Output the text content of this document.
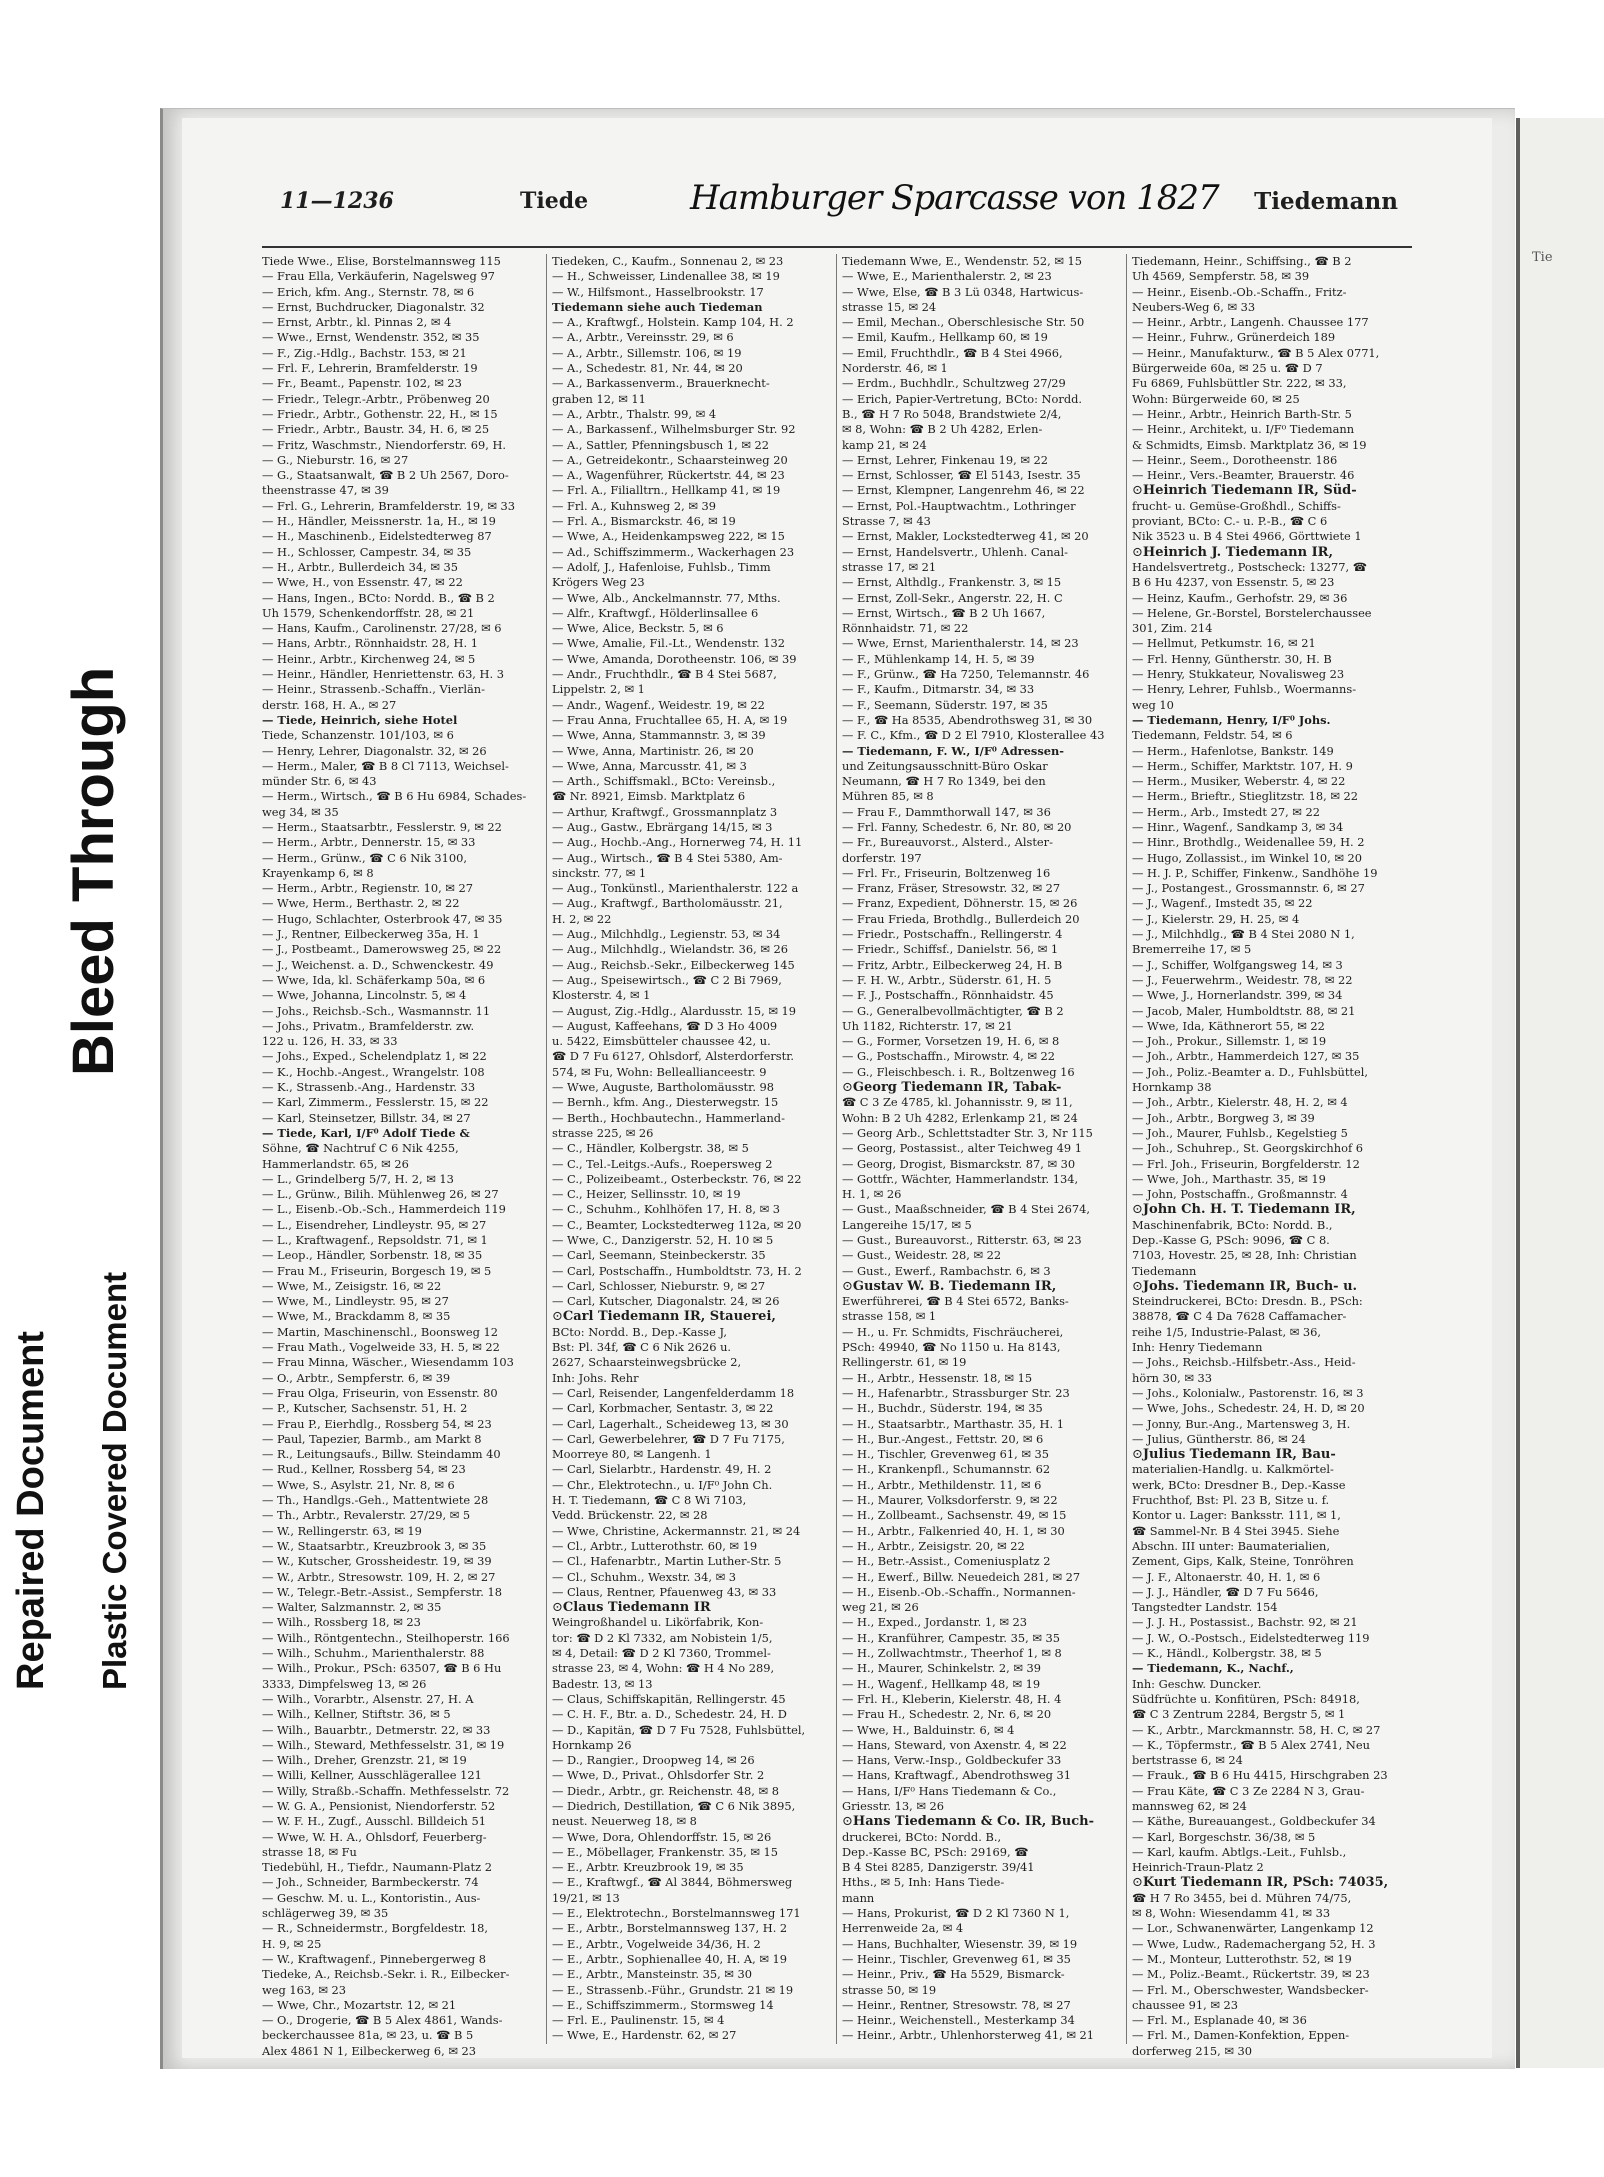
Repaired Document Plastic Covered Document
Bleed Through
Tie
11—1236	Tiede	Hamburger Sparcasse von 1827 Tiedemann
Tiede Wwe., Elise, Borstelmannsweg 115
— Frau Ella, Verkäuferin, Nagelsweg 97
— Erich, kfm. Ang., Sternstr. 78, ✉ 6
— Ernst, Buchdrucker, Diagonalstr. 32
— Ernst, Arbtr., kl. Pinnas 2, ✉ 4
— Wwe., Ernst, Wendenstr. 352, ✉ 35
— F., Zig.-Hdlg., Bachstr. 153, ✉ 21
— Frl. F., Lehrerin, Bramfelderstr. 19
— Fr., Beamt., Papenstr. 102, ✉ 23
— Friedr., Telegr.-Arbtr., Pröbenweg 20
— Friedr., Arbtr., Gothenstr. 22, H., ✉ 15
— Friedr., Arbtr., Baustr. 34, H. 6, ✉ 25
— Fritz, Waschmstr., Niendorferstr. 69, H.
— G., Nieburstr. 16, ✉ 27
— G., Staatsanwalt, ☎ B 2 Uh 2567, Doro-
theenstrasse 47, ✉ 39
— Frl. G., Lehrerin, Bramfelderstr. 19, ✉ 33
— H., Händler, Meissnerstr. 1a, H., ✉ 19
— H., Maschinenb., Eidelstedterweg 87
— H., Schlosser, Campestr. 34, ✉ 35
— H., Arbtr., Bullerdeich 34, ✉ 35
— Wwe, H., von Essenstr. 47, ✉ 22
— Hans, Ingen., BCto: Nordd. B., ☎ B 2
Uh 1579, Schenkendorffstr. 28, ✉ 21
— Hans, Kaufm., Carolinenstr. 27/28, ✉ 6
— Hans, Arbtr., Rönnhaidstr. 28, H. 1
— Heinr., Arbtr., Kirchenweg 24, ✉ 5
— Heinr., Händler, Henriettenstr. 63, H. 3
— Heinr., Strassenb.-Schaffn., Vierlän-
derstr. 168, H. A., ✉ 27
— Tiede, Heinrich, siehe Hotel
Tiede, Schanzenstr. 101/103, ✉ 6
— Henry, Lehrer, Diagonalstr. 32, ✉ 26
— Herm., Maler, ☎ B 8 Cl 7113, Weichsel-
münder Str. 6, ✉ 43
— Herm., Wirtsch., ☎ B 6 Hu 6984, Schades-
weg 34, ✉ 35
— Herm., Staatsarbtr., Fesslerstr. 9, ✉ 22
— Herm., Arbtr., Dennerstr. 15, ✉ 33
— Herm., Grünw., ☎ C 6 Nik 3100,
Krayenkamp 6, ✉ 8
— Herm., Arbtr., Regienstr. 10, ✉ 27
— Wwe, Herm., Berthastr. 2, ✉ 22
— Hugo, Schlachter, Osterbrook 47, ✉ 35
— J., Rentner, Eilbeckerweg 35a, H. 1
— J., Postbeamt., Damerowsweg 25, ✉ 22
— J., Weichenst. a. D., Schwenckestr. 49
— Wwe, Ida, kl. Schäferkamp 50a, ✉ 6
— Wwe, Johanna, Lincolnstr. 5, ✉ 4
— Johs., Reichsb.-Sch., Wasmannstr. 11
— Johs., Privatm., Bramfelderstr. zw.
122 u. 126, H. 33, ✉ 33
— Johs., Exped., Schelendplatz 1, ✉ 22
— K., Hochb.-Angest., Wrangelstr. 108
— K., Strassenb.-Ang., Hardenstr. 33
— Karl, Zimmerm., Fesslerstr. 15, ✉ 22
— Karl, Steinsetzer, Billstr. 34, ✉ 27
— Tiede, Karl, I/F⁰ Adolf Tiede &
Söhne, ☎ Nachtruf C 6 Nik 4255,
Hammerlandstr. 65, ✉ 26
— L., Grindelberg 5/7, H. 2, ✉ 13
— L., Grünw., Bilih. Mühlenweg 26, ✉ 27
— L., Eisenb.-Ob.-Sch., Hammerdeich 119
— L., Eisendreher, Lindleystr. 95, ✉ 27
— L., Kraftwagenf., Repsoldstr. 71, ✉ 1
— Leop., Händler, Sorbenstr. 18, ✉ 35
— Frau M., Friseurin, Borgesch 19, ✉ 5
— Wwe, M., Zeisigstr. 16, ✉ 22
— Wwe, M., Lindleystr. 95, ✉ 27
— Wwe, M., Brackdamm 8, ✉ 35
— Martin, Maschinenschl., Boonsweg 12
— Frau Math., Vogelweide 33, H. 5, ✉ 22
— Frau Minna, Wäscher., Wiesendamm 103
— O., Arbtr., Sempferstr. 6, ✉ 39
— Frau Olga, Friseurin, von Essenstr. 80
— P., Kutscher, Sachsenstr. 51, H. 2
— Frau P., Eierhdlg., Rossberg 54, ✉ 23
— Paul, Tapezier, Barmb., am Markt 8
— R., Leitungsaufs., Billw. Steindamm 40
— Rud., Kellner, Rossberg 54, ✉ 23
— Wwe, S., Asylstr. 21, Nr. 8, ✉ 6
— Th., Handlgs.-Geh., Mattentwiete 28
— Th., Arbtr., Revalerstr. 27/29, ✉ 5
— W., Rellingerstr. 63, ✉ 19
— W., Staatsarbtr., Kreuzbrook 3, ✉ 35
— W., Kutscher, Grossheidestr. 19, ✉ 39
— W., Arbtr., Stresowstr. 109, H. 2, ✉ 27
— W., Telegr.-Betr.-Assist., Sempferstr. 18
— Walter, Salzmannstr. 2, ✉ 35
— Wilh., Rossberg 18, ✉ 23
— Wilh., Röntgentechn., Steilhoperstr. 166
— Wilh., Schuhm., Marienthalerstr. 88
— Wilh., Prokur., PSch: 63507, ☎ B 6 Hu
3333, Dimpfelsweg 13, ✉ 26
— Wilh., Vorarbtr., Alsenstr. 27, H. A
— Wilh., Kellner, Stiftstr. 36, ✉ 5
— Wilh., Bauarbtr., Detmerstr. 22, ✉ 33
— Wilh., Steward, Methfesselstr. 31, ✉ 19
— Wilh., Dreher, Grenzstr. 21, ✉ 19
— Willi, Kellner, Ausschlägerallee 121
— Willy, Straßb.-Schaffn. Methfesselstr. 72
— W. G. A., Pensionist, Niendorferstr. 52
— W. F. H., Zugf., Ausschl. Billdeich 51
— Wwe, W. H. A., Ohlsdorf, Feuerberg-
strasse 18, ✉ Fu
Tiedebühl, H., Tiefdr., Naumann-Platz 2
— Joh., Schneider, Barmbeckerstr. 74
— Geschw. M. u. L., Kontoristin., Aus-
schlägerweg 39, ✉ 35
— R., Schneidermstr., Borgfeldestr. 18,
H. 9, ✉ 25
— W., Kraftwagenf., Pinnebergerweg 8
Tiedeke, A., Reichsb.-Sekr. i. R., Eilbecker-
weg 163, ✉ 23
— Wwe, Chr., Mozartstr. 12, ✉ 21
— O., Drogerie, ☎ B 5 Alex 4861, Wands-
beckerchaussee 81a, ✉ 23, u. ☎ B 5
Alex 4861 N 1, Eilbeckerweg 6, ✉ 23
Tiedeken, C., Kaufm., Sonnenau 2, ✉ 23
— H., Schweisser, Lindenallee 38, ✉ 19
— W., Hilfsmont., Hasselbrookstr. 17
Tiedemann siehe auch Tiedeman
— A., Kraftwgf., Holstein. Kamp 104, H. 2
— A., Arbtr., Vereinsstr. 29, ✉ 6
— A., Arbtr., Sillemstr. 106, ✉ 19
— A., Schedestr. 81, Nr. 44, ✉ 20
— A., Barkassenverm., Brauerknecht-
graben 12, ✉ 11
— A., Arbtr., Thalstr. 99, ✉ 4
— A., Barkassenf., Wilhelmsburger Str. 92
— A., Sattler, Pfenningsbusch 1, ✉ 22
— A., Getreidekontr., Schaarsteinweg 20
— A., Wagenführer, Rückertstr. 44, ✉ 23
— Frl. A., Filialltrn., Hellkamp 41, ✉ 19
— Frl. A., Kuhnsweg 2, ✉ 39
— Frl. A., Bismarckstr. 46, ✉ 19
— Wwe, A., Heidenkampsweg 222, ✉ 15
— Ad., Schiffszimmerm., Wackerhagen 23
— Adolf, J., Hafenloise, Fuhlsb., Timm
Krögers Weg 23
— Wwe, Alb., Anckelmannstr. 77, Mths.
— Alfr., Kraftwgf., Hölderlinsallee 6
— Wwe, Alice, Beckstr. 5, ✉ 6
— Wwe, Amalie, Fil.-Lt., Wendenstr. 132
— Wwe, Amanda, Dorotheenstr. 106, ✉ 39
— Andr., Fruchthdlr., ☎ B 4 Stei 5687,
Lippelstr. 2, ✉ 1
— Andr., Wagenf., Weidestr. 19, ✉ 22
— Frau Anna, Fruchtallee 65, H. A, ✉ 19
— Wwe, Anna, Stammannstr. 3, ✉ 39
— Wwe, Anna, Martinistr. 26, ✉ 20
— Wwe, Anna, Marcusstr. 41, ✉ 3
— Arth., Schiffsmakl., BCto: Vereinsb.,
☎ Nr. 8921, Eimsb. Marktplatz 6
— Arthur, Kraftwgf., Grossmannplatz 3
— Aug., Gastw., Ebrärgang 14/15, ✉ 3
— Aug., Hochb.-Ang., Hornerweg 74, H. 11
— Aug., Wirtsch., ☎ B 4 Stei 5380, Am-
sinckstr. 77, ✉ 1
— Aug., Tonkünstl., Marienthalerstr. 122 a
— Aug., Kraftwgf., Bartholomäusstr. 21,
H. 2, ✉ 22
— Aug., Milchhdlg., Legienstr. 53, ✉ 34
— Aug., Milchhdlg., Wielandstr. 36, ✉ 26
— Aug., Reichsb.-Sekr., Eilbeckerweg 145
— Aug., Speisewirtsch., ☎ C 2 Bi 7969,
Klosterstr. 4, ✉ 1
— August, Zig.-Hdlg., Alardusstr. 15, ✉ 19
— August, Kaffeehans, ☎ D 3 Ho 4009
u. 5422, Eimsbütteler chaussee 42, u.
☎ D 7 Fu 6127, Ohlsdorf, Alsterdorferstr.
574, ✉ Fu, Wohn: Belleallianceestr. 9
— Wwe, Auguste, Bartholomäusstr. 98
— Bernh., kfm. Ang., Diesterwegstr. 15
— Berth., Hochbautechn., Hammerland-
strasse 225, ✉ 26
— C., Händler, Kolbergstr. 38, ✉ 5
— C., Tel.-Leitgs.-Aufs., Roepersweg 2
— C., Polizeibeamt., Osterbeckstr. 76, ✉ 22
— C., Heizer, Sellinsstr. 10, ✉ 19
— C., Schuhm., Kohlhöfen 17, H. 8, ✉ 3
— C., Beamter, Lockstedterweg 112a, ✉ 20
— Wwe, C., Danzigerstr. 52, H. 10 ✉ 5
— Carl, Seemann, Steinbeckerstr. 35
— Carl, Postschaffn., Humboldtstr. 73, H. 2
— Carl, Schlosser, Nieburstr. 9, ✉ 27
— Carl, Kutscher, Diagonalstr. 24, ✉ 26
⊙ Carl Tiedemann IR, Stauerei,
BCto: Nordd. B., Dep.-Kasse J,
Bst: Pl. 34f, ☎ C 6 Nik 2626 u.
2627, Schaarsteinwegsbrücke 2,
Inh: Johs. Rehr
— Carl, Reisender, Langenfelderdamm 18
— Carl, Korbmacher, Sentastr. 3, ✉ 22
— Carl, Lagerhalt., Scheideweg 13, ✉ 30
— Carl, Gewerbelehrer, ☎ D 7 Fu 7175,
Moorreye 80, ✉ Langenh. 1
— Carl, Sielarbtr., Hardenstr. 49, H. 2
— Chr., Elektrotechn., u. I/F⁰ John Ch.
H. T. Tiedemann, ☎ C 8 Wi 7103,
Vedd. Brückenstr. 22, ✉ 28
— Wwe, Christine, Ackermannstr. 21, ✉ 24
— Cl., Arbtr., Lutterothstr. 60, ✉ 19
— Cl., Hafenarbtr., Martin Luther-Str. 5
— Cl., Schuhm., Wexstr. 34, ✉ 3
— Claus, Rentner, Pfauenweg 43, ✉ 33
⊙ Claus Tiedemann IR
Weingroßhandel u. Likörfabrik, Kon-
tor: ☎ D 2 Kl 7332, am Nobistein 1/5,
✉ 4, Detail: ☎ D 2 Kl 7360, Trommel-
strasse 23, ✉ 4, Wohn: ☎ H 4 No 289,
Badestr. 13, ✉ 13
— Claus, Schiffskapitän, Rellingerstr. 45
— C. H. F., Btr. a. D., Schedestr. 24, H. D
— D., Kapitän, ☎ D 7 Fu 7528, Fuhlsbüttel,
Hornkamp 26
— D., Rangier., Droopweg 14, ✉ 26
— Wwe, D., Privat., Ohlsdorfer Str. 2
— Diedr., Arbtr., gr. Reichenstr. 48, ✉ 8
— Diedrich, Destillation, ☎ C 6 Nik 3895,
neust. Neuerweg 18, ✉ 8
— Wwe, Dora, Ohlendorffstr. 15, ✉ 26
— E., Möbellager, Frankenstr. 35, ✉ 15
— E., Arbtr. Kreuzbrook 19, ✉ 35
— E., Kraftwgf., ☎ Al 3844, Böhmersweg
19/21, ✉ 13
— E., Elektrotechn., Borstelmannsweg 171
— E., Arbtr., Borstelmannsweg 137, H. 2
— E., Arbtr., Vogelweide 34/36, H. 2
— E., Arbtr., Sophienallee 40, H. A, ✉ 19
— E., Arbtr., Mansteinstr. 35, ✉ 30
— E., Strassenb.-Führ., Grundstr. 21 ✉ 19
— E., Schiffszimmerm., Stormsweg 14
— Frl. E., Paulinenstr. 15, ✉ 4
— Wwe, E., Hardenstr. 62, ✉ 27
Tiedemann Wwe, E., Wendenstr. 52, ✉ 15
— Wwe, E., Marienthalerstr. 2, ✉ 23
— Wwe, Else, ☎ B 3 Lü 0348, Hartwicus-
strasse 15, ✉ 24
— Emil, Mechan., Oberschlesische Str. 50
— Emil, Kaufm., Hellkamp 60, ✉ 19
— Emil, Fruchthdlr., ☎ B 4 Stei 4966,
Norderstr. 46, ✉ 1
— Erdm., Buchhdlr., Schultzweg 27/29
— Erich, Papier-Vertretung, BCto: Nordd.
B., ☎ H 7 Ro 5048, Brandstwiete 2/4,
✉ 8, Wohn: ☎ B 2 Uh 4282, Erlen-
kamp 21, ✉ 24
— Ernst, Lehrer, Finkenau 19, ✉ 22
— Ernst, Schlosser, ☎ El 5143, Isestr. 35
— Ernst, Klempner, Langenrehm 46, ✉ 22
— Ernst, Pol.-Hauptwachtm., Lothringer
Strasse 7, ✉ 43
— Ernst, Makler, Lockstedterweg 41, ✉ 20
— Ernst, Handelsvertr., Uhlenh. Canal-
strasse 17, ✉ 21
— Ernst, Althdlg., Frankenstr. 3, ✉ 15
— Ernst, Zoll-Sekr., Angerstr. 22, H. C
— Ernst, Wirtsch., ☎ B 2 Uh 1667,
Rönnhaidstr. 71, ✉ 22
— Wwe, Ernst, Marienthalerstr. 14, ✉ 23
— F., Mühlenkamp 14, H. 5, ✉ 39
— F., Grünw., ☎ Ha 7250, Telemannstr. 46
— F., Kaufm., Ditmarstr. 34, ✉ 33
— F., Seemann, Süderstr. 197, ✉ 35
— F., ☎ Ha 8535, Abendrothsweg 31, ✉ 30
— F. C., Kfm., ☎ D 2 El 7910, Klosterallee 43
— Tiedemann, F. W., I/F⁰ Adressen-
und Zeitungsausschnitt-Büro Oskar
Neumann, ☎ H 7 Ro 1349, bei den
Mühren 85, ✉ 8
— Frau F., Dammthorwall 147, ✉ 36
— Frl. Fanny, Schedestr. 6, Nr. 80, ✉ 20
— Fr., Bureauvorst., Alsterd., Alster-
dorferstr. 197
— Frl. Fr., Friseurin, Boltzenweg 16
— Franz, Fräser, Stresowstr. 32, ✉ 27
— Franz, Expedient, Döhnerstr. 15, ✉ 26
— Frau Frieda, Brothdlg., Bullerdeich 20
— Friedr., Postschaffn., Rellingerstr. 4
— Friedr., Schiffsf., Danielstr. 56, ✉ 1
— Fritz, Arbtr., Eilbeckerweg 24, H. B
— F. H. W., Arbtr., Süderstr. 61, H. 5
— F. J., Postschaffn., Rönnhaidstr. 45
— G., Generalbevollmächtigter, ☎ B 2
Uh 1182, Richterstr. 17, ✉ 21
— G., Former, Vorsetzen 19, H. 6, ✉ 8
— G., Postschaffn., Mirowstr. 4, ✉ 22
— G., Fleischbesch. i. R., Boltzenweg 16
⊙ Georg Tiedemann IR, Tabak-
☎ C 3 Ze 4785, kl. Johannisstr. 9, ✉ 11,
Wohn: B 2 Uh 4282, Erlenkamp 21, ✉ 24
— Georg Arb., Schlettstadter Str. 3, Nr 115
— Georg, Postassist., alter Teichweg 49 1
— Georg, Drogist, Bismarckstr. 87, ✉ 30
— Gottfr., Wächter, Hammerlandstr. 134,
H. 1, ✉ 26
— Gust., Maaßschneider, ☎ B 4 Stei 2674,
Langereihe 15/17, ✉ 5
— Gust., Bureauvorst., Ritterstr. 63, ✉ 23
— Gust., Weidestr. 28, ✉ 22
— Gust., Ewerf., Rambachstr. 6, ✉ 3
⊙ Gustav W. B. Tiedemann IR,
Ewerführerei, ☎ B 4 Stei 6572, Banks-
strasse 158, ✉ 1
— H., u. Fr. Schmidts, Fischräucherei,
PSch: 49940, ☎ No 1150 u. Ha 8143,
Rellingerstr. 61, ✉ 19
— H., Arbtr., Hessenstr. 18, ✉ 15
— H., Hafenarbtr., Strassburger Str. 23
— H., Buchdr., Süderstr. 194, ✉ 35
— H., Staatsarbtr., Marthastr. 35, H. 1
— H., Bur.-Angest., Fettstr. 20, ✉ 6
— H., Tischler, Grevenweg 61, ✉ 35
— H., Krankenpfl., Schumannstr. 62
— H., Arbtr., Methildenstr. 11, ✉ 6
— H., Maurer, Volksdorferstr. 9, ✉ 22
— H., Zollbeamt., Sachsenstr. 49, ✉ 15
— H., Arbtr., Falkenried 40, H. 1, ✉ 30
— H., Arbtr., Zeisigstr. 20, ✉ 22
— H., Betr.-Assist., Comeniusplatz 2
— H., Ewerf., Billw. Neuedeich 281, ✉ 27
— H., Eisenb.-Ob.-Schaffn., Normannen-
weg 21, ✉ 26
— H., Exped., Jordanstr. 1, ✉ 23
— H., Kranführer, Campestr. 35, ✉ 35
— H., Zollwachtmstr., Theerhof 1, ✉ 8
— H., Maurer, Schinkelstr. 2, ✉ 39
— H., Wagenf., Hellkamp 48, ✉ 19
— Frl. H., Kleberin, Kielerstr. 48, H. 4
— Frau H., Schedestr. 2, Nr. 6, ✉ 20
— Wwe, H., Balduinstr. 6, ✉ 4
— Hans, Steward, von Axenstr. 4, ✉ 22
— Hans, Verw.-Insp., Goldbeckufer 33
— Hans, Kraftwagf., Abendrothsweg 31
— Hans, I/F⁰ Hans Tiedemann & Co.,
Griesstr. 13, ✉ 26
⊙ Hans Tiedemann & Co. IR, Buch-
druckerei, BCto: Nordd. B.,
Dep.-Kasse BC, PSch: 29169, ☎
B 4 Stei 8285, Danzigerstr. 39/41
Hths., ✉ 5, Inh: Hans Tiede-
mann
— Hans, Prokurist, ☎ D 2 Kl 7360 N 1,
Herrenweide 2a, ✉ 4
— Hans, Buchhalter, Wiesenstr. 39, ✉ 19
— Heinr., Tischler, Grevenweg 61, ✉ 35
— Heinr., Priv., ☎ Ha 5529, Bismarck-
strasse 50, ✉ 19
— Heinr., Rentner, Stresowstr. 78, ✉ 27
— Heinr., Weichenstell., Mesterkamp 34
— Heinr., Arbtr., Uhlenhorsterweg 41, ✉ 21
Tiedemann, Heinr., Schiffsing., ☎ B 2
Uh 4569, Sempferstr. 58, ✉ 39
— Heinr., Eisenb.-Ob.-Schaffn., Fritz-
Neubers-Weg 6, ✉ 33
— Heinr., Arbtr., Langenh. Chaussee 177
— Heinr., Fuhrw., Grünerdeich 189
— Heinr., Manufakturw., ☎ B 5 Alex 0771,
Bürgerweide 60a, ✉ 25 u. ☎ D 7
Fu 6869, Fuhlsbüttler Str. 222, ✉ 33,
Wohn: Bürgerweide 60, ✉ 25
— Heinr., Arbtr., Heinrich Barth-Str. 5
— Heinr., Architekt, u. I/F⁰ Tiedemann
& Schmidts, Eimsb. Marktplatz 36, ✉ 19
— Heinr., Seem., Dorotheenstr. 186
— Heinr., Vers.-Beamter, Brauerstr. 46
⊙ Heinrich Tiedemann IR, Süd-
frucht- u. Gemüse-Großhdl., Schiffs-
proviant, BCto: C.- u. P.-B., ☎ C 6
Nik 3523 u. B 4 Stei 4966, Görttwiete 1
⊙ Heinrich J. Tiedemann IR,
Handelsvertretg., Postscheck: 13277, ☎
B 6 Hu 4237, von Essenstr. 5, ✉ 23
— Heinz, Kaufm., Gerhofstr. 29, ✉ 36
— Helene, Gr.-Borstel, Borstelerchaussee
301, Zim. 214
— Hellmut, Petkumstr. 16, ✉ 21
— Frl. Henny, Güntherstr. 30, H. B
— Henry, Stukkateur, Novalisweg 23
— Henry, Lehrer, Fuhlsb., Woermanns-
weg 10
— Tiedemann, Henry, I/F⁰ Johs.
Tiedemann, Feldstr. 54, ✉ 6
— Herm., Hafenlotse, Bankstr. 149
— Herm., Schiffer, Marktstr. 107, H. 9
— Herm., Musiker, Weberstr. 4, ✉ 22
— Herm., Brieftr., Stieglitzstr. 18, ✉ 22
— Herm., Arb., Imstedt 27, ✉ 22
— Hinr., Wagenf., Sandkamp 3, ✉ 34
— Hinr., Brothdlg., Weidenallee 59, H. 2
— Hugo, Zollassist., im Winkel 10, ✉ 20
— H. J. P., Schiffer, Finkenw., Sandhöhe 19
— J., Postangest., Grossmannstr. 6, ✉ 27
— J., Wagenf., Imstedt 35, ✉ 22
— J., Kielerstr. 29, H. 25, ✉ 4
— J., Milchhdlg., ☎ B 4 Stei 2080 N 1,
Bremerreihe 17, ✉ 5
— J., Schiffer, Wolfgangsweg 14, ✉ 3
— J., Feuerwehrm., Weidestr. 78, ✉ 22
— Wwe, J., Hornerlandstr. 399, ✉ 34
— Jacob, Maler, Humboldtstr. 88, ✉ 21
— Wwe, Ida, Käthnerort 55, ✉ 22
— Joh., Prokur., Sillemstr. 1, ✉ 19
— Joh., Arbtr., Hammerdeich 127, ✉ 35
— Joh., Poliz.-Beamter a. D., Fuhlsbüttel,
Hornkamp 38
— Joh., Arbtr., Kielerstr. 48, H. 2, ✉ 4
— Joh., Arbtr., Borgweg 3, ✉ 39
— Joh., Maurer, Fuhlsb., Kegelstieg 5
— Joh., Schuhrep., St. Georgskirchhof 6
— Frl. Joh., Friseurin, Borgfelderstr. 12
— Wwe, Joh., Marthastr. 35, ✉ 19
— John, Postschaffn., Großmannstr. 4
⊙ John Ch. H. T. Tiedemann IR,
Maschinenfabrik, BCto: Nordd. B.,
Dep.-Kasse G, PSch: 9096, ☎ C 8.
7103, Hovestr. 25, ✉ 28, Inh: Christian
Tiedemann
⊙ Johs. Tiedemann IR, Buch- u.
Steindruckerei, BCto: Dresdn. B., PSch:
38878, ☎ C 4 Da 7628 Caffamacher-
reihe 1/5, Industrie-Palast, ✉ 36,
Inh: Henry Tiedemann
— Johs., Reichsb.-Hilfsbetr.-Ass., Heid-
hörn 30, ✉ 33
— Johs., Kolonialw., Pastorenstr. 16, ✉ 3
— Wwe, Johs., Schedestr. 24, H. D, ✉ 20
— Jonny, Bur.-Ang., Martensweg 3, H.
— Julius, Güntherstr. 86, ✉ 24
⊙ Julius Tiedemann IR, Bau-
materialien-Handlg. u. Kalkmörtel-
werk, BCto: Dresdner B., Dep.-Kasse
Fruchthof, Bst: Pl. 23 B, Sitze u. f.
Kontor u. Lager: Banksstr. 111, ✉ 1,
☎ Sammel-Nr. B 4 Stei 3945. Siehe
Abschn. III unter: Baumaterialien,
Zement, Gips, Kalk, Steine, Tonröhren
— J. F., Altonaerstr. 40, H. 1, ✉ 6
— J. J., Händler, ☎ D 7 Fu 5646,
Tangstedter Landstr. 154
— J. J. H., Postassist., Bachstr. 92, ✉ 21
— J. W., O.-Postsch., Eidelstedterweg 119
— K., Händl., Kolbergstr. 38, ✉ 5
— Tiedemann, K., Nachf.,
Inh: Geschw. Duncker.
Südfrüchte u. Konfitüren, PSch: 84918,
☎ C 3 Zentrum 2284, Bergstr 5, ✉ 1
— K., Arbtr., Marckmannstr. 58, H. C, ✉ 27
— K., Töpfermstr., ☎ B 5 Alex 2741, Neu
bertstrasse 6, ✉ 24
— Frauk., ☎ B 6 Hu 4415, Hirschgraben 23
— Frau Käte, ☎ C 3 Ze 2284 N 3, Grau-
mannsweg 62, ✉ 24
— Käthe, Bureauangest., Goldbeckufer 34
— Karl, Borgeschstr. 36/38, ✉ 5
— Karl, kaufm. Abtlgs.-Leit., Fuhlsb.,
Heinrich-Traun-Platz 2
⊙ Kurt Tiedemann IR, PSch: 74035,
☎ H 7 Ro 3455, bei d. Mühren 74/75,
✉ 8, Wohn: Wiesendamm 41, ✉ 33
— Lor., Schwanenwärter, Langenkamp 12
— Wwe, Ludw., Rademachergang 52, H. 3
— M., Monteur, Lutterothstr. 52, ✉ 19
— M., Poliz.-Beamt., Rückertstr. 39, ✉ 23
— Frl. M., Oberschwester, Wandsbecker-
chaussee 91, ✉ 23
— Frl. M., Esplanade 40, ✉ 36
— Frl. M., Damen-Konfektion, Eppen-
dorferweg 215, ✉ 30
